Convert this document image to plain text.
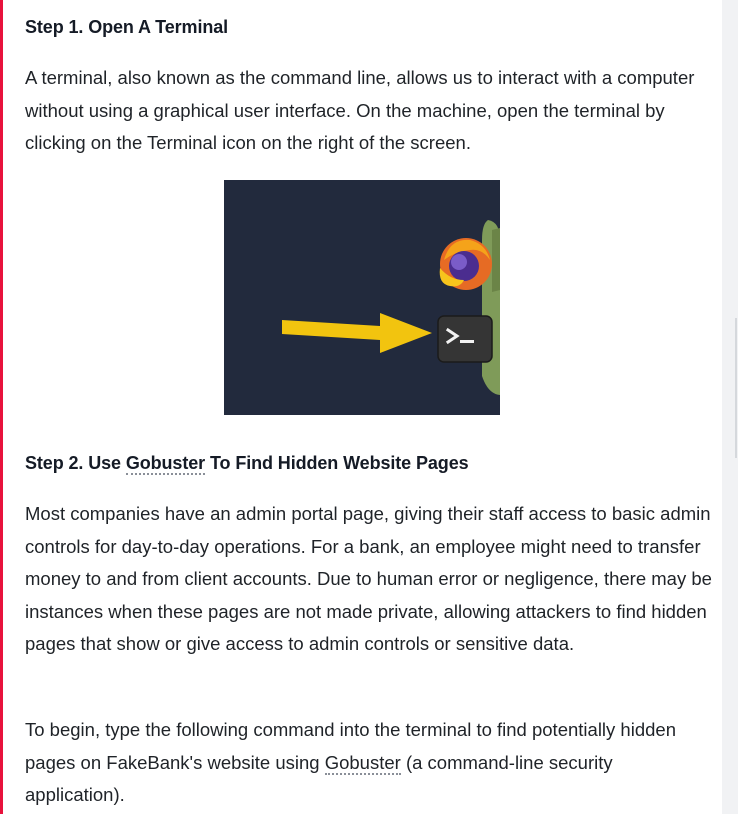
Step 1. Open A Terminal

A terminal, also known as the command line, allows us to interact with a computer without using a graphical user interface. On the machine, open the terminal by clicking on the Terminal icon on the right of the screen.

Step 2. Use Gobuster To Find Hidden Website Pages

Most companies have an admin portal page, giving their staff access to basic admin controls for day-to-day operations. For a bank, an employee might need to transfer money to and from client accounts. Due to human error or negligence, there may be instances when these pages are not made private, allowing attackers to find hidden pages that show or give access to admin controls or sensitive data.

To begin, type the following command into the terminal to find potentially hidden pages on FakeBank's website using Gobuster (a command-line security application).
